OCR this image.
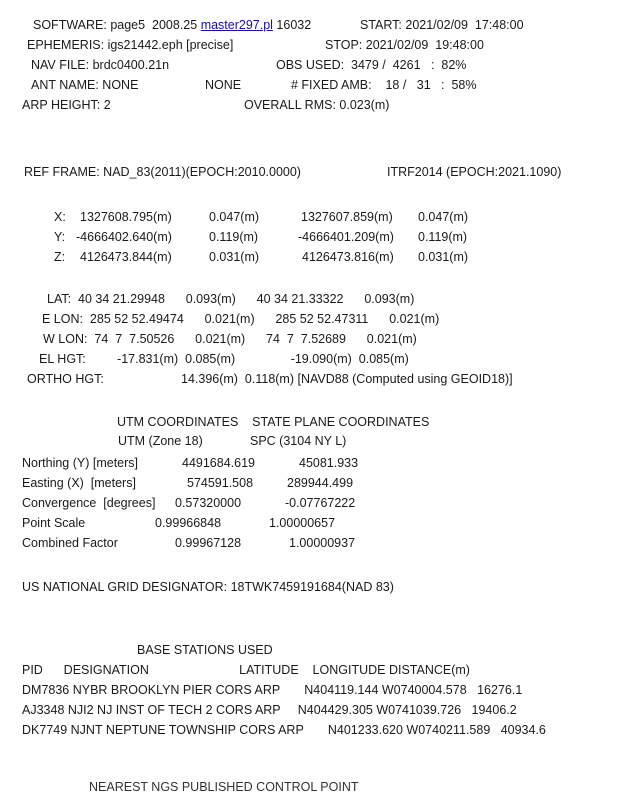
SOFTWARE: page5  2008.25 master297.pl 16032	START: 2021/02/09  17:48:00
EPHEMERIS: igs21442.eph [precise]	STOP: 2021/02/09  19:48:00
NAV FILE: brdc0400.21n	OBS USED:  3479 /  4261   :  82%
ANT NAME: NONE	NONE	# FIXED AMB:    18 /   31   :  58%
ARP HEIGHT: 2	OVERALL RMS: 0.023(m)
REF FRAME: NAD_83(2011)(EPOCH:2010.0000)	ITRF2014 (EPOCH:2021.1090)
X: 1327608.795(m)	0.047(m)	1327607.859(m) 0.047(m)
Y: -4666402.640(m)	0.119(m)	-4666401.209(m) 0.119(m)
Z: 4126473.844(m)	0.031(m)	4126473.816(m) 0.031(m)
LAT:  40 34 21.29948      0.093(m)      40 34 21.33322      0.093(m)
E LON:  285 52 52.49474      0.021(m)      285 52 52.47311      0.021(m)
W LON:  74  7  7.50526      0.021(m)      74  7  7.52689      0.021(m)
EL HGT:         -17.831(m)  0.085(m)                -19.090(m)  0.085(m)
ORTHO HGT:	14.396(m)  0.118(m) [NAVD88 (Computed using GEOID18)]
UTM COORDINATES    STATE PLANE COORDINATES
UTM (Zone 18)	SPC (3104 NY L)
Northing (Y) [meters]	4491684.619	45081.933
Easting (X)  [meters]	574591.508	289944.499
Convergence  [degrees] 0.57320000	-0.07767222
Point Scale	0.99966848	1.00000657
Combined Factor	0.99967128	1.00000937
US NATIONAL GRID DESIGNATOR: 18TWK7459191684(NAD 83)
BASE STATIONS USED
PID      DESIGNATION                          LATITUDE    LONGITUDE DISTANCE(m)
DM7836 NYBR BROOKLYN PIER CORS ARP       N404119.144 W0740004.578   16276.1
AJ3348 NJI2 NJ INST OF TECH 2 CORS ARP     N404429.305 W0741039.726   19406.2
DK7749 NJNT NEPTUNE TOWNSHIP CORS ARP       N401233.620 W0740211.589   40934.6
NEAREST NGS PUBLISHED CONTROL POINT
